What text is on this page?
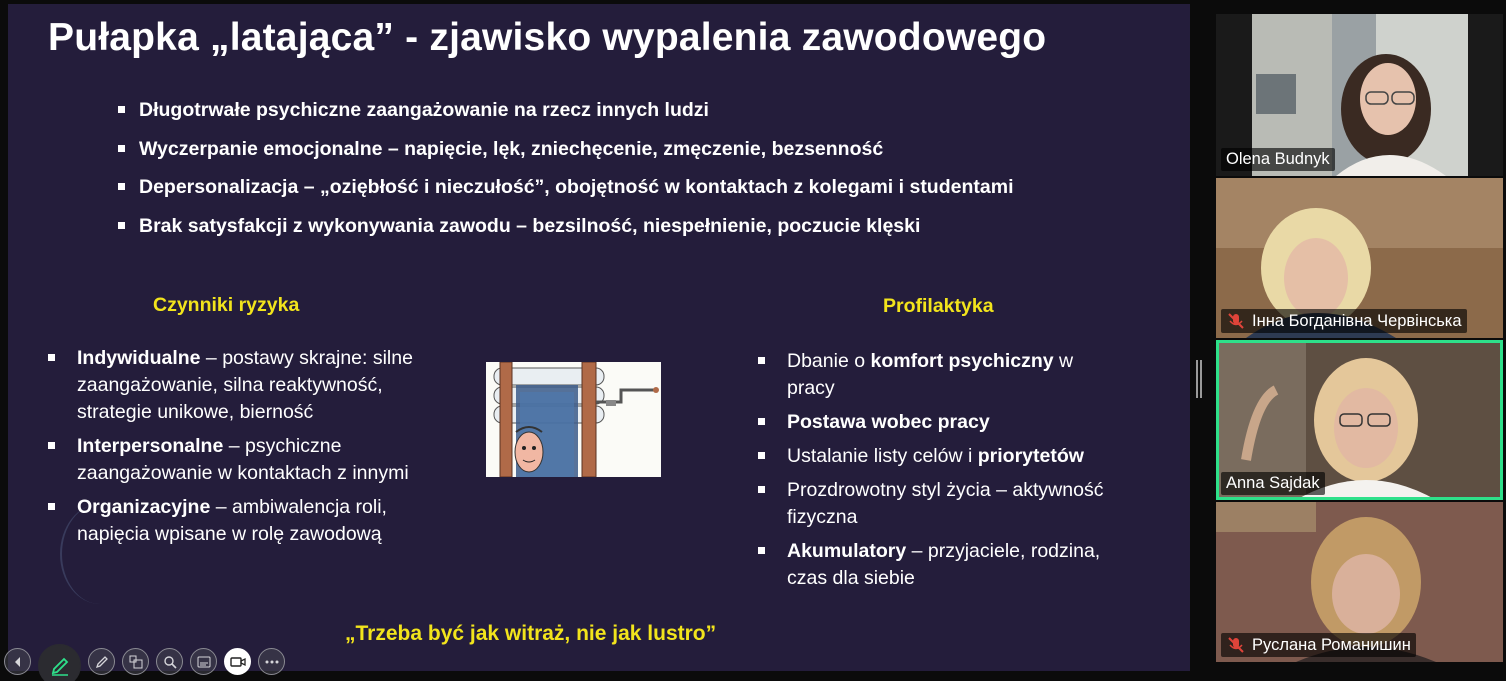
Pułapka „latająca” - zjawisko wypalenia zawodowego
Długotrwałe psychiczne zaangażowanie na rzecz innych ludzi
Wyczerpanie emocjonalne – napięcie, lęk, zniechęcenie, zmęczenie, bezsenność
Depersonalizacja – „oziębłość i nieczułość”, obojętność w kontaktach z kolegami i studentami
Brak satysfakcji z wykonywania zawodu – bezsilność, niespełnienie, poczucie klęski
Czynniki ryzyka
Indywidualne – postawy skrajne: silne zaangażowanie, silna reaktywność, strategie unikowe, bierność
Interpersonalne – psychiczne zaangażowanie w kontaktach z innymi
Organizacyjne – ambiwalencja roli, napięcia wpisane w rolę zawodową
Profilaktyka
Dbanie o komfort psychiczny w pracy
Postawa wobec pracy
Ustalanie listy celów i priorytetów
Prozdrowotny styl życia – aktywność fizyczna
Akumulatory – przyjaciele, rodzina, czas dla siebie
„Trzeba być jak witraż, nie jak lustro”
Olena Budnyk
Інна Богданівна Червінська
Anna Sajdak
Руслана Романишин
